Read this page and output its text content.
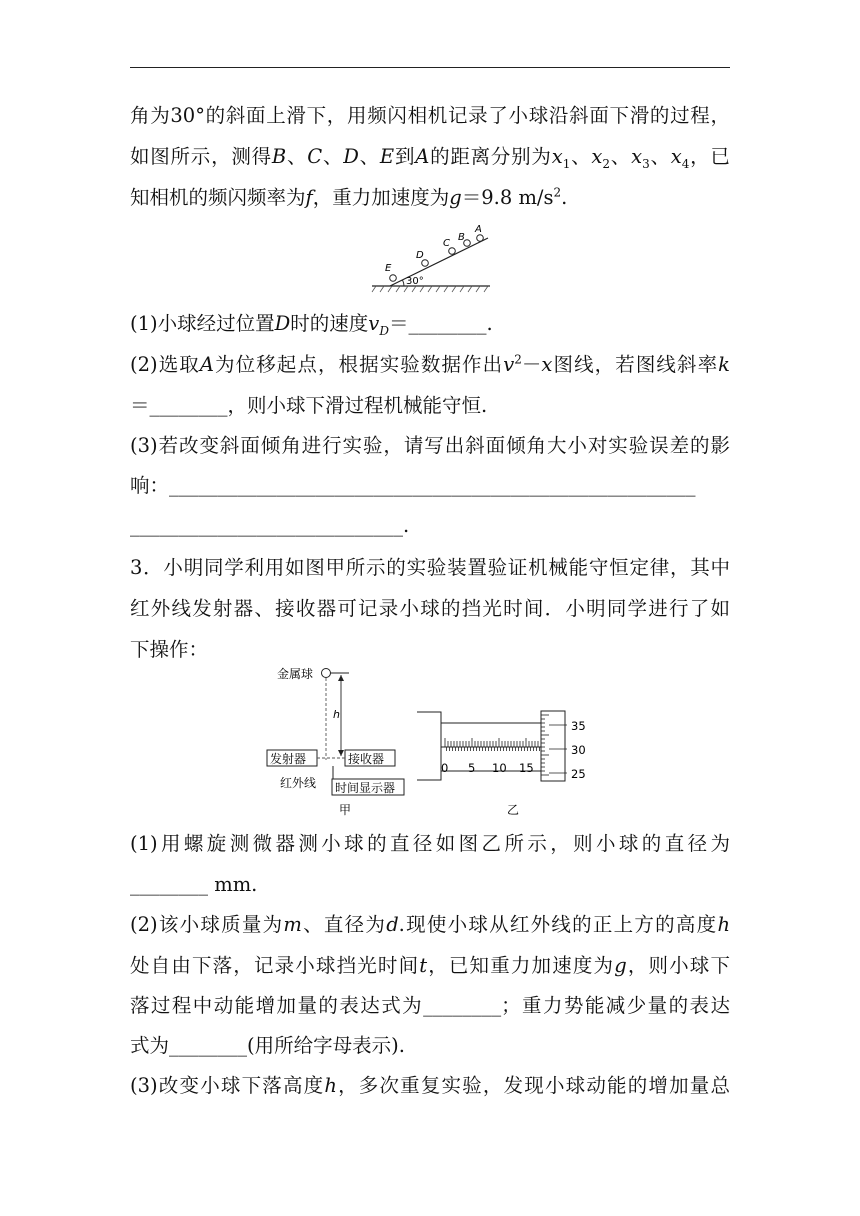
角为30°的斜面上滑下，用频闪相机记录了小球沿斜面下滑的过程，
如图所示，测得B、C、D、E到A的距离分别为$x_1$、$x_2$、$x_3$、$x_4$，已
知相机的频闪频率为f，重力加速度为g＝9.8 $m/s^2$.
30°
E
D
C
B
A
(1)小球经过位置D时的速度$v_D=\_\_\_\_\_\_\_\_$.
(2)选取A为位移起点，根据实验数据作出$v^2-x$图线，若图线斜率k
＝________，则小球下滑过程机械能守恒.
(3)若改变斜面倾角进行实验，请写出斜面倾角大小对实验误差的影
响：______________________________________________________
____________________________.
3．小明同学利用如图甲所示的实验装置验证机械能守恒定律，其中
红外线发射器、接收器可记录小球的挡光时间．小明同学进行了如
下操作：
金属球
h
发射器	接收器
红外线 时间显示器
甲
0 5 10 15
35
30
25
乙
(1)用螺旋测微器测小球的直径如图乙所示，则小球的直径为
________ mm.
(2)该小球质量为m、直径为d.现使小球从红外线的正上方的高度h
处自由下落，记录小球挡光时间t，已知重力加速度为g，则小球下
落过程中动能增加量的表达式为________；重力势能减少量的表达
式为________(用所给字母表示).
(3)改变小球下落高度h，多次重复实验，发现小球动能的增加量总
